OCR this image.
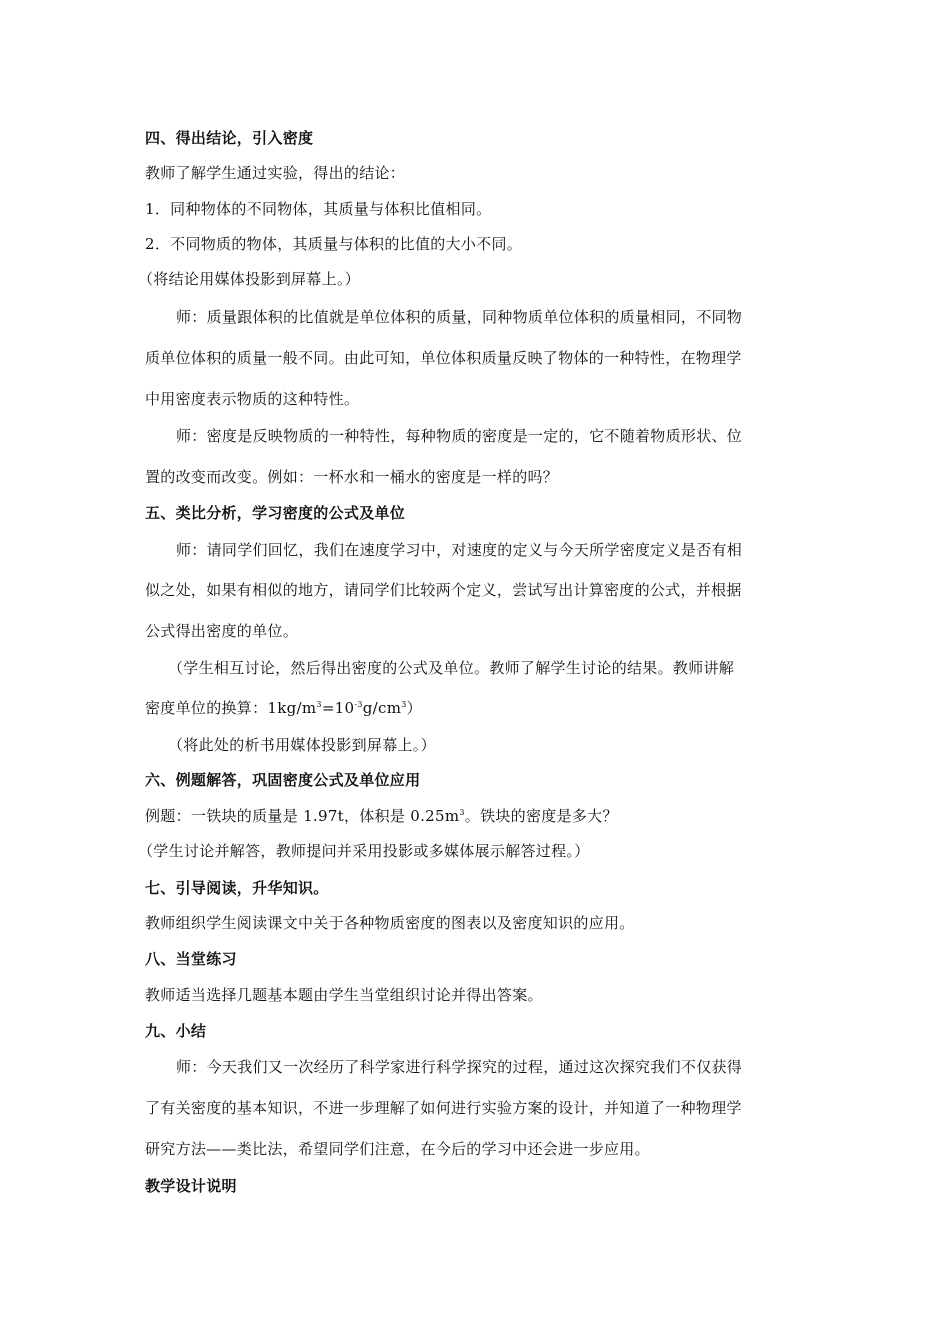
四、得出结论，引入密度
教师了解学生通过实验，得出的结论：
1．同种物体的不同物体，其质量与体积比值相同。
2．不同物质的物体，其质量与体积的比值的大小不同。
（将结论用媒体投影到屏幕上。）
师：质量跟体积的比值就是单位体积的质量，同种物质单位体积的质量相同，不同物
质单位体积的质量一般不同。由此可知，单位体积质量反映了物体的一种特性，在物理学
中用密度表示物质的这种特性。
师：密度是反映物质的一种特性，每种物质的密度是一定的，它不随着物质形状、位
置的改变而改变。例如：一杯水和一桶水的密度是一样的吗？
五、类比分析，学习密度的公式及单位
师：请同学们回忆，我们在速度学习中，对速度的定义与今天所学密度定义是否有相
似之处，如果有相似的地方，请同学们比较两个定义，尝试写出计算密度的公式，并根据
公式得出密度的单位。
（学生相互讨论，然后得出密度的公式及单位。教师了解学生讨论的结果。教师讲解
密度单位的换算：$1kg/m^3=10^{-3}g/cm^3$）
（将此处的析书用媒体投影到屏幕上。）
六、例题解答，巩固密度公式及单位应用
例题：一铁块的质量是 1.97t，体积是 $0.25m^3$。铁块的密度是多大？
（学生讨论并解答，教师提问并采用投影或多媒体展示解答过程。）
七、引导阅读，升华知识。
教师组织学生阅读课文中关于各种物质密度的图表以及密度知识的应用。
八、当堂练习
教师适当选择几题基本题由学生当堂组织讨论并得出答案。
九、小结
师：今天我们又一次经历了科学家进行科学探究的过程，通过这次探究我们不仅获得
了有关密度的基本知识，不进一步理解了如何进行实验方案的设计，并知道了一种物理学
研究方法——类比法，希望同学们注意，在今后的学习中还会进一步应用。
教学设计说明
